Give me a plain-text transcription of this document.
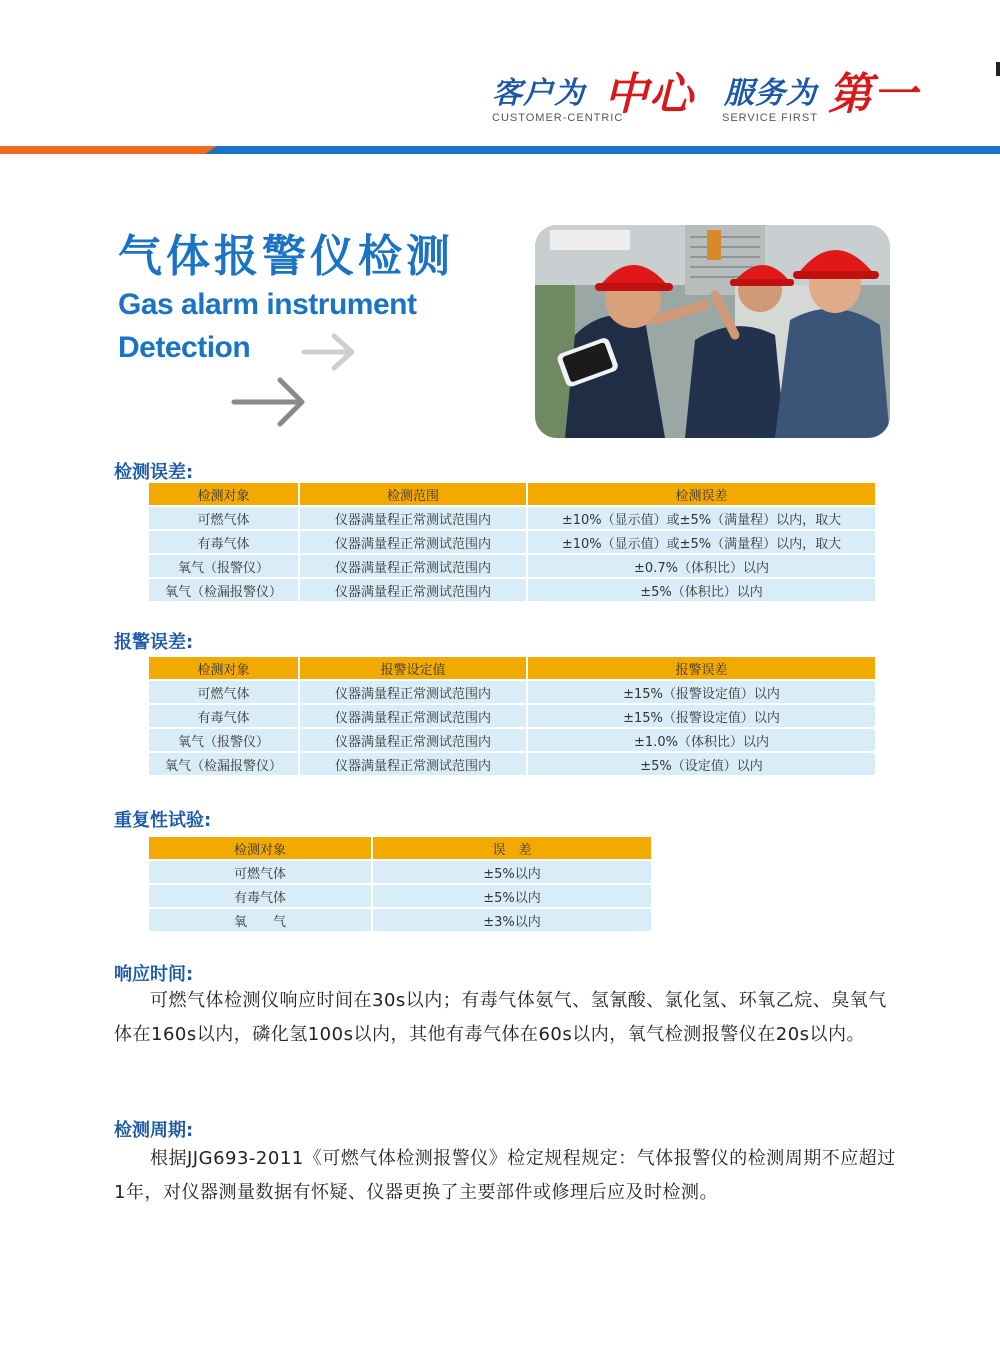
客户为 中心
CUSTOMER-CENTRIC
服务为 第一
SERVICE FIRST
气体报警仪检测
Gas alarm instrument
Detection
检测误差:
检测对象	检测范围	检测误差
可燃气体	仪器满量程正常测试范围内	±10%（显示值）或±5%（满量程）以内，取大
有毒气体	仪器满量程正常测试范围内	±10%（显示值）或±5%（满量程）以内，取大
氧气（报警仪）	仪器满量程正常测试范围内	±0.7%（体积比）以内
氧气（检漏报警仪）	仪器满量程正常测试范围内	±5%（体积比）以内
报警误差:
检测对象	报警设定值	报警误差
可燃气体	仪器满量程正常测试范围内	±15%（报警设定值）以内
有毒气体	仪器满量程正常测试范围内	±15%（报警设定值）以内
氧气（报警仪）	仪器满量程正常测试范围内	±1.0%（体积比）以内
氧气（检漏报警仪）	仪器满量程正常测试范围内	±5%（设定值）以内
重复性试验:
检测对象	误　差
可燃气体	±5%以内
有毒气体	±5%以内
氧　　气	±3%以内
响应时间:

可燃气体检测仪响应时间在30s以内；有毒气体氨气、氢氰酸、氯化氢、环氧乙烷、臭氧气体在160s以内，磷化氢100s以内，其他有毒气体在60s以内，氧气检测报警仪在20s以内。

检测周期:

根据JJG693-2011《可燃气体检测报警仪》检定规程规定：气体报警仪的检测周期不应超过1年，对仪器测量数据有怀疑、仪器更换了主要部件或修理后应及时检测。
